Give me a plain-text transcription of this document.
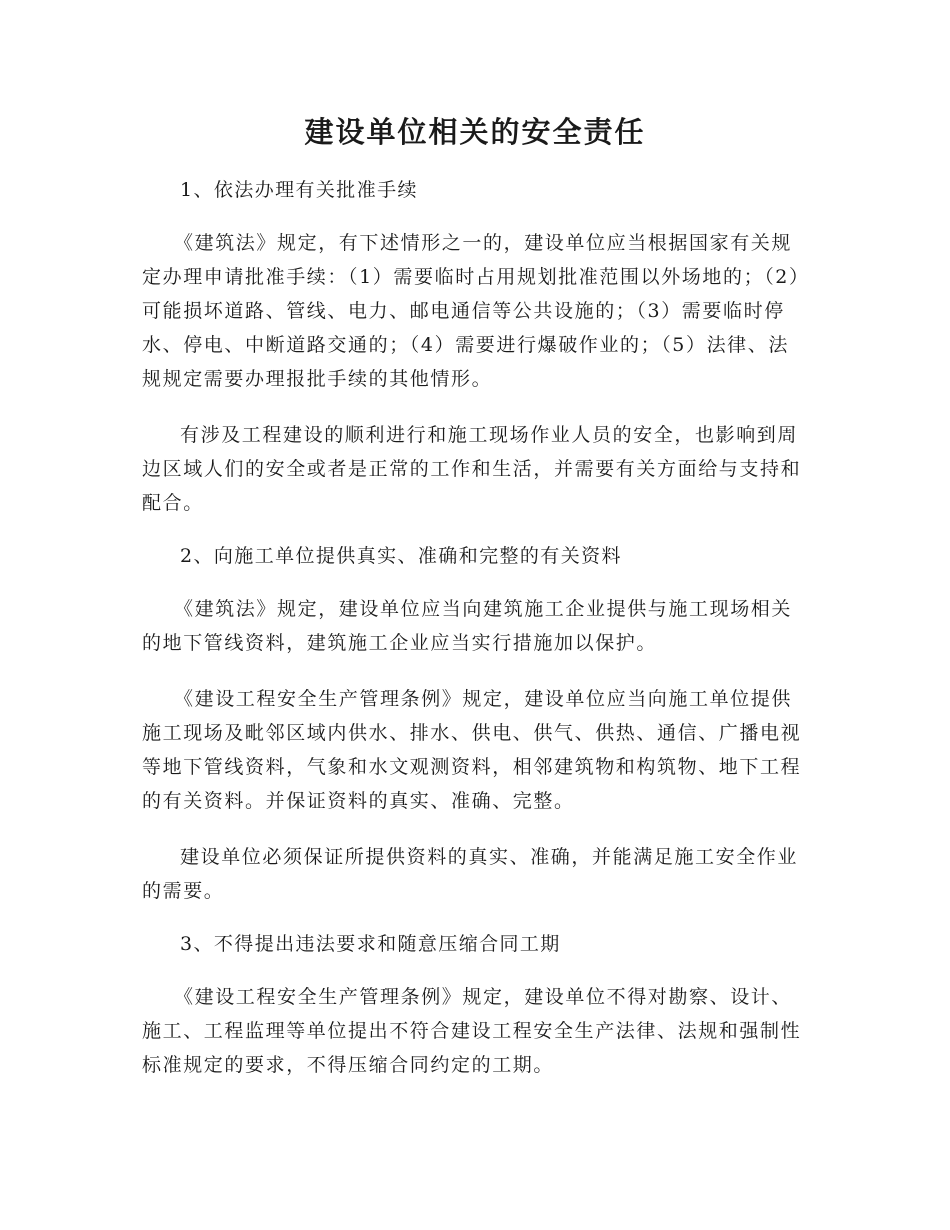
建设单位相关的安全责任
1、依法办理有关批准手续

《建筑法》规定，有下述情形之一的，建设单位应当根据国家有关规定办理申请批准手续：（1）需要临时占用规划批准范围以外场地的；（2）可能损坏道路、管线、电力、邮电通信等公共设施的；（3）需要临时停水、停电、中断道路交通的；（4）需要进行爆破作业的；（5）法律、法规规定需要办理报批手续的其他情形。

有涉及工程建设的顺利进行和施工现场作业人员的安全，也影响到周边区域人们的安全或者是正常的工作和生活，并需要有关方面给与支持和配合。

2、向施工单位提供真实、准确和完整的有关资料

《建筑法》规定，建设单位应当向建筑施工企业提供与施工现场相关的地下管线资料，建筑施工企业应当实行措施加以保护。

《建设工程安全生产管理条例》规定，建设单位应当向施工单位提供施工现场及毗邻区域内供水、排水、供电、供气、供热、通信、广播电视等地下管线资料，气象和水文观测资料，相邻建筑物和构筑物、地下工程的有关资料。并保证资料的真实、准确、完整。

建设单位必须保证所提供资料的真实、准确，并能满足施工安全作业的需要。

3、不得提出违法要求和随意压缩合同工期

《建设工程安全生产管理条例》规定，建设单位不得对勘察、设计、施工、工程监理等单位提出不符合建设工程安全生产法律、法规和强制性标准规定的要求，不得压缩合同约定的工期。
